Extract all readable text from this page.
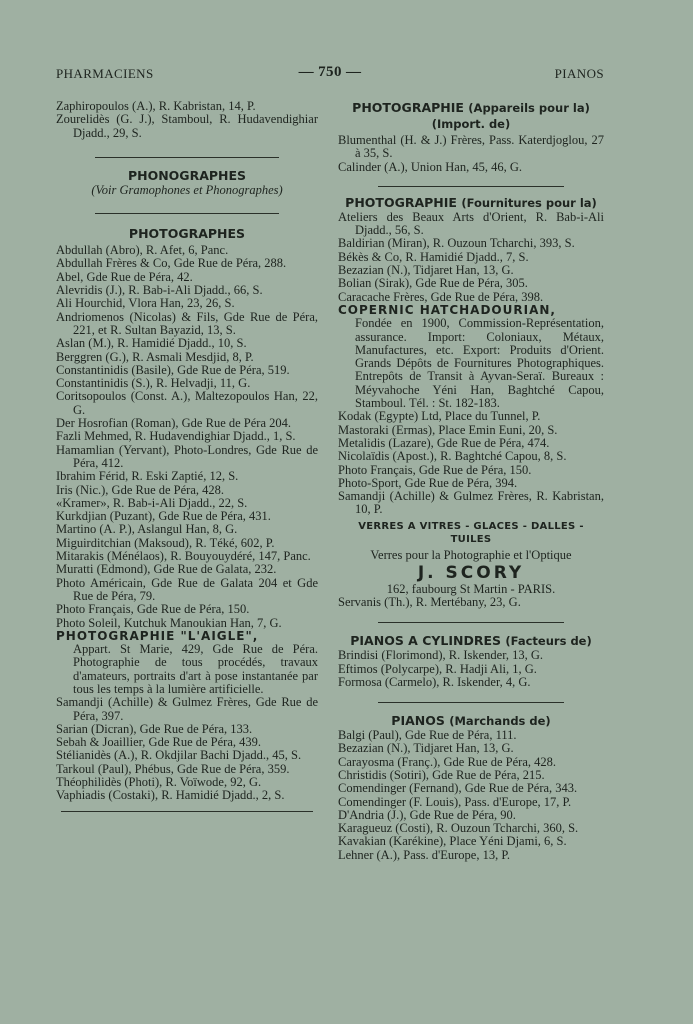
PHARMACIENS	— 750 —	PIANOS
Zaphiropoulos (A.), R. Kabristan, 14, P.
Zourelidès (G. J.), Stamboul, R. Hudavendighiar Djadd., 29, S.
PHONOGRAPHES
(Voir Gramophones et Phonographes)
PHOTOGRAPHES
Abdullah (Abro), R. Afet, 6, Panc.
Abdullah Frères & Co, Gde Rue de Péra, 288.
Abel, Gde Rue de Péra, 42.
Alevridis (J.), R. Bab-i-Ali Djadd., 66, S.
Ali Hourchid, Vlora Han, 23, 26, S.
Andriomenos (Nicolas) & Fils, Gde Rue de Péra, 221, et R. Sultan Bayazid, 13, S.
Aslan (M.), R. Hamidié Djadd., 10, S.
Berggren (G.), R. Asmali Mesdjid, 8, P.
Constantinidis (Basile), Gde Rue de Péra, 519.
Constantinidis (S.), R. Helvadji, 11, G.
Coritsopoulos (Const. A.), Maltezopoulos Han, 22, G.
Der Hosrofian (Roman), Gde Rue de Péra 204.
Fazli Mehmed, R. Hudavendighiar Djadd., 1, S.
Hamamlian (Yervant), Photo-Londres, Gde Rue de Péra, 412.
Ibrahim Férid, R. Eski Zaptié, 12, S.
Iris (Nic.), Gde Rue de Péra, 428.
«Kramer», R. Bab-i-Ali Djadd., 22, S.
Kurkdjian (Puzant), Gde Rue de Péra, 431.
Martino (A. P.), Aslangul Han, 8, G.
Miguirditchian (Maksoud), R. Téké, 602, P.
Mitarakis (Ménélaos), R. Bouyouydéré, 147, Panc.
Muratti (Edmond), Gde Rue de Galata, 232.
Photo Américain, Gde Rue de Galata 204 et Gde Rue de Péra, 79.
Photo Français, Gde Rue de Péra, 150.
Photo Soleil, Kutchuk Manoukian Han, 7, G.
PHOTOGRAPHIE "L'AIGLE",
Appart. St Marie, 429, Gde Rue de Péra. Photographie de tous procédés, travaux d'amateurs, portraits d'art à pose instantanée par tous les temps à la lumière artificielle.
Samandji (Achille) & Gulmez Frères, Gde Rue de Péra, 397.
Sarian (Dicran), Gde Rue de Péra, 133.
Sebah & Joaillier, Gde Rue de Péra, 439.
Stélianidès (A.), R. Okdjilar Bachi Djadd., 45, S.
Tarkoul (Paul), Phébus, Gde Rue de Péra, 359.
Théophilidès (Photi), R. Voïwode, 92, G.
Vaphiadis (Costaki), R. Hamidié Djadd., 2, S.
PHOTOGRAPHIE (Appareils pour la)
(Import. de)
Blumenthal (H. & J.) Frères, Pass. Katerdjoglou, 27 à 35, S.
Calinder (A.), Union Han, 45, 46, G.
PHOTOGRAPHIE (Fournitures pour la)
Ateliers des Beaux Arts d'Orient, R. Bab-i-Ali Djadd., 56, S.
Baldirian (Miran), R. Ouzoun Tcharchi, 393, S.
Békès & Co, R. Hamidié Djadd., 7, S.
Bezazian (N.), Tidjaret Han, 13, G.
Bolian (Sirak), Gde Rue de Péra, 305.
Caracache Frères, Gde Rue de Péra, 398.
COPERNIC HATCHADOURIAN,
Fondée en 1900, Commission-Représentation, assurance. Import: Coloniaux, Métaux, Manufactures, etc. Export: Produits d'Orient. Grands Dépôts de Fournitures Photographiques. Entrepôts de Transit à Ayvan-Seraï. Bureaux : Méyvahoche Yéni Han, Baghtché Capou, Stamboul. Tél. : St. 182-183.
Kodak (Egypte) Ltd, Place du Tunnel, P.
Mastoraki (Ermas), Place Emin Euni, 20, S.
Metalidis (Lazare), Gde Rue de Péra, 474.
Nicolaïdis (Apost.), R. Baghtché Capou, 8, S.
Photo Français, Gde Rue de Péra, 150.
Photo-Sport, Gde Rue de Péra, 394.
Samandji (Achille) & Gulmez Frères, R. Kabristan, 10, P.
VERRES A VITRES - GLACES - DALLES - TUILES
Verres pour la Photographie et l'Optique
J. SCORY
162, faubourg St Martin - PARIS.
Servanis (Th.), R. Mertébany, 23, G.
PIANOS A CYLINDRES (Facteurs de)
Brindisi (Florimond), R. Iskender, 13, G.
Eftimos (Polycarpe), R. Hadji Ali, 1, G.
Formosa (Carmelo), R. Iskender, 4, G.
PIANOS (Marchands de)
Balgi (Paul), Gde Rue de Péra, 111.
Bezazian (N.), Tidjaret Han, 13, G.
Carayosma (Franç.), Gde Rue de Péra, 428.
Christidis (Sotiri), Gde Rue de Péra, 215.
Comendinger (Fernand), Gde Rue de Péra, 343.
Comendinger (F. Louis), Pass. d'Europe, 17, P.
D'Andria (J.), Gde Rue de Péra, 90.
Karagueuz (Costi), R. Ouzoun Tcharchi, 360, S.
Kavakian (Karékine), Place Yéni Djami, 6, S.
Lehner (A.), Pass. d'Europe, 13, P.
